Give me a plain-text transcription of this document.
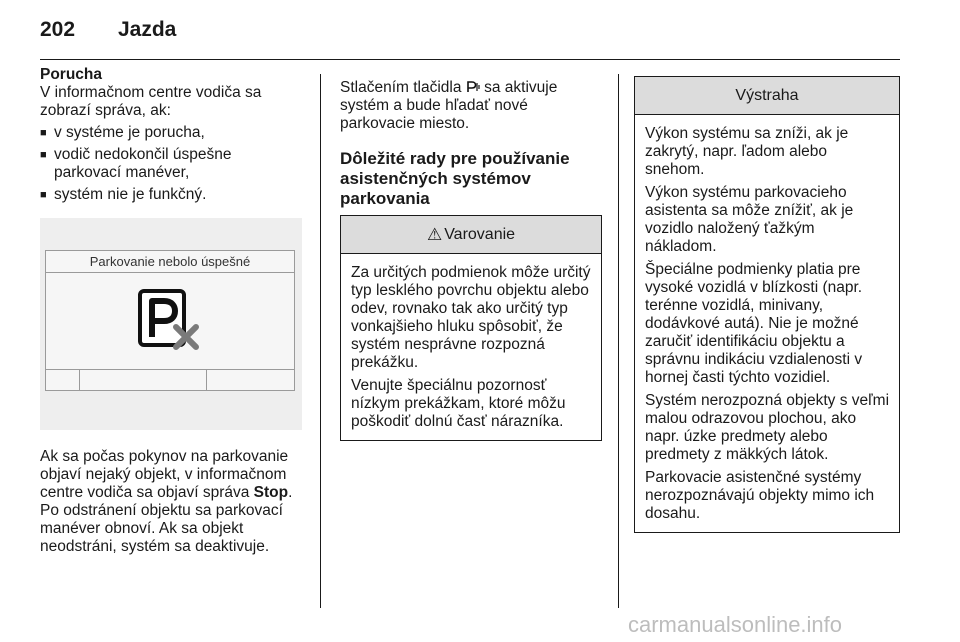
202	Jazda
Porucha

V informačnom centre vodiča sa zobrazí správa, ak:

■ v systéme je porucha,
■ vodič nedokončil úspešne parkovací manéver,
■ systém nie je funkčný.
Parkovanie nebolo úspešné

Ak sa počas pokynov na parkovanie objaví nejaký objekt, v informačnom centre vodiča sa objaví správa Stop. Po odstránení objektu sa parkovací manéver obnoví. Ak sa objekt neodstráni, systém sa deaktivuje.

Stlačením tlačidla  sa aktivuje systém a bude hľadať nové parkovacie miesto.

Dôležité rady pre používanie asistenčných systémov parkovania
⚠ Varovanie

Za určitých podmienok môže určitý typ lesklého povrchu objektu alebo odev, rovnako tak ako určitý typ vonkajšieho hluku spôsobiť, že systém nesprávne rozpozná prekážku.

Venujte špeciálnu pozornosť nízkym prekážkam, ktoré môžu poškodiť dolnú časť nárazníka.

Výstraha

Výkon systému sa zníži, ak je zakrytý, napr. ľadom alebo snehom.

Výkon systému parkovacieho asistenta sa môže znížiť, ak je vozidlo naložený ťažkým nákladom.

Špeciálne podmienky platia pre vysoké vozidlá v blízkosti (napr. terénne vozidlá, minivany, dodávkové autá). Nie je možné zaručiť identifikáciu objektu a správnu indikáciu vzdialenosti v hornej časti týchto vozidiel.

Systém nerozpozná objekty s veľmi malou odrazovou plochou, ako napr. úzke predmety alebo predmety z mäkkých látok.

Parkovacie asistenčné systémy nerozpoznávajú objekty mimo ich dosahu.

carmanualsonline.info
